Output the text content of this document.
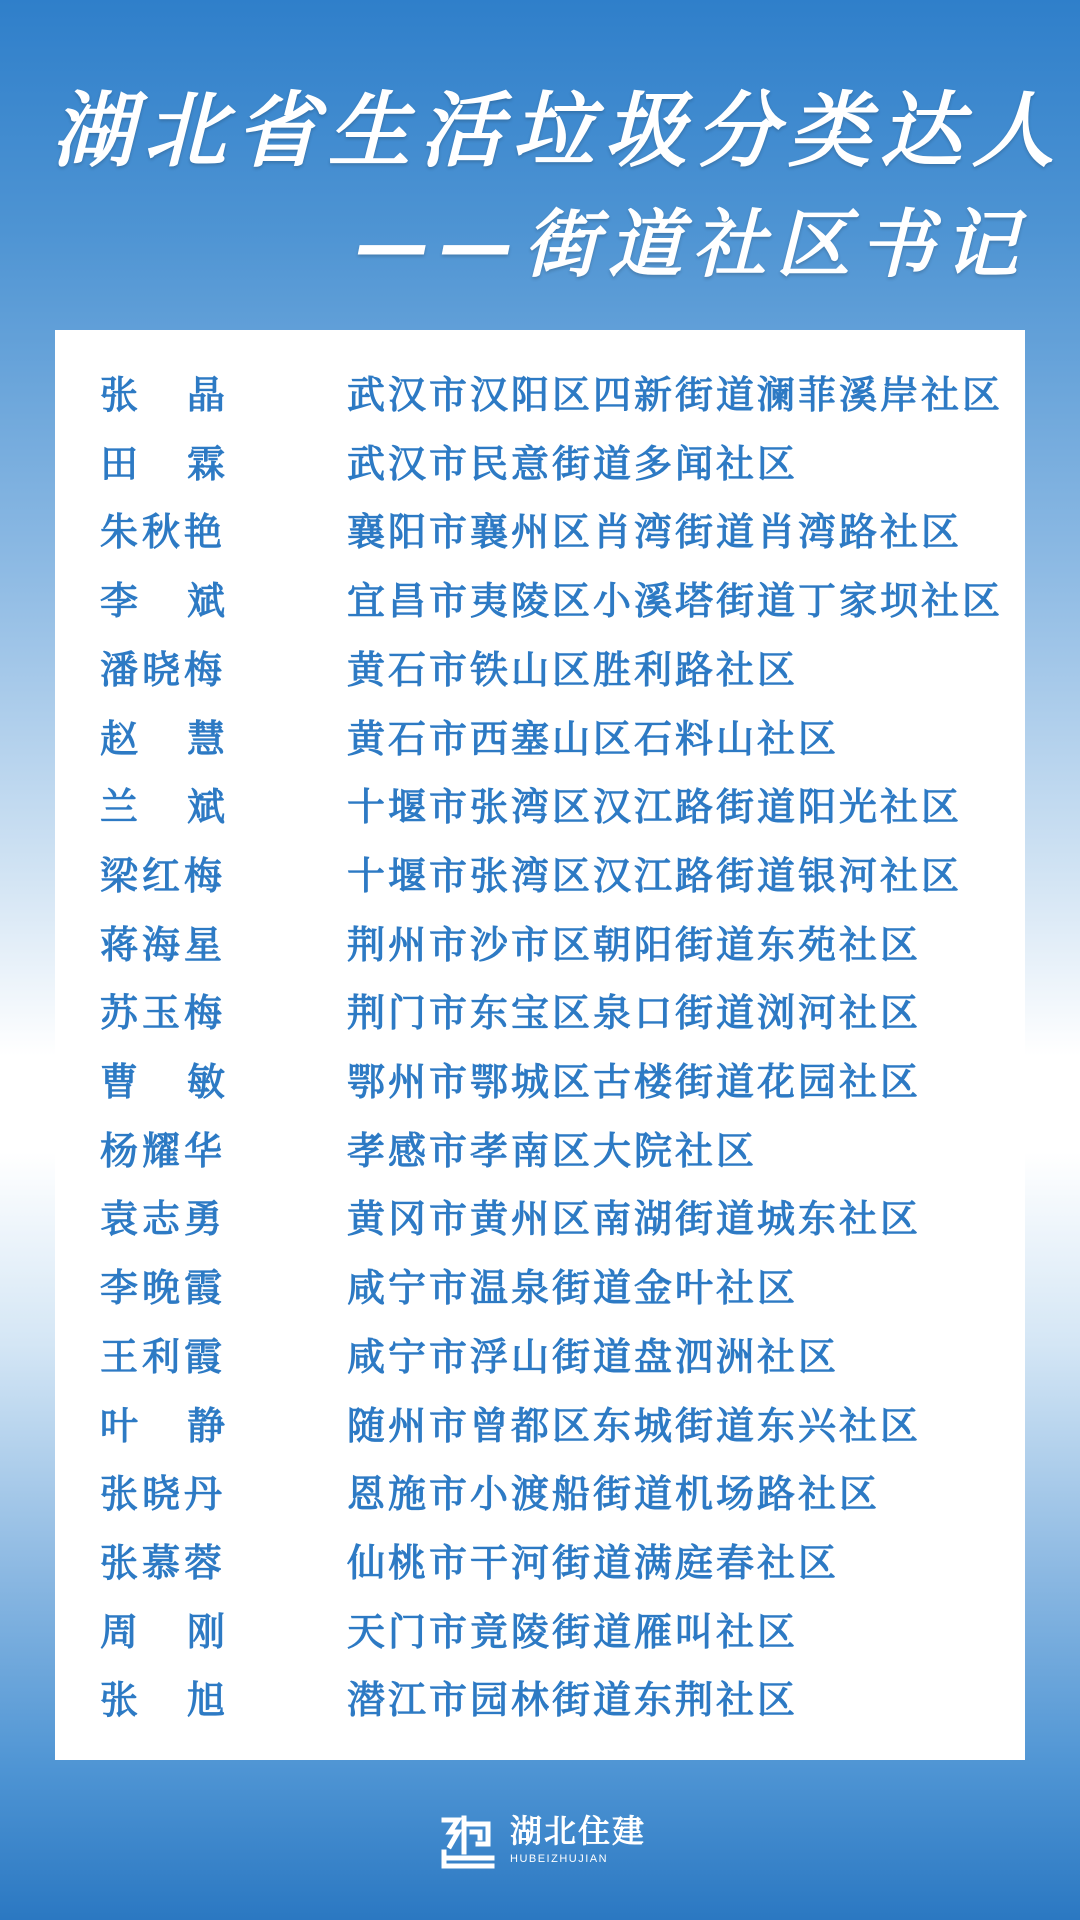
湖北省生活垃圾分类达人
——街道社区书记
张 晶	武汉市汉阳区四新街道澜菲溪岸社区
田 霖	武汉市民意街道多闻社区
朱秋艳	襄阳市襄州区肖湾街道肖湾路社区
李 斌	宜昌市夷陵区小溪塔街道丁家坝社区
潘晓梅	黄石市铁山区胜利路社区
赵 慧	黄石市西塞山区石料山社区
兰 斌	十堰市张湾区汉江路街道阳光社区
梁红梅	十堰市张湾区汉江路街道银河社区
蒋海星	荆州市沙市区朝阳街道东苑社区
苏玉梅	荆门市东宝区泉口街道浏河社区
曹 敏	鄂州市鄂城区古楼街道花园社区
杨耀华	孝感市孝南区大院社区
袁志勇	黄冈市黄州区南湖街道城东社区
李晚霞	咸宁市温泉街道金叶社区
王利霞	咸宁市浮山街道盘泗洲社区
叶 静	随州市曾都区东城街道东兴社区
张晓丹	恩施市小渡船街道机场路社区
张慕蓉	仙桃市干河街道满庭春社区
周 刚	天门市竟陵街道雁叫社区
张 旭	潜江市园林街道东荆社区
湖北住建
HUBEIZHUJIAN
